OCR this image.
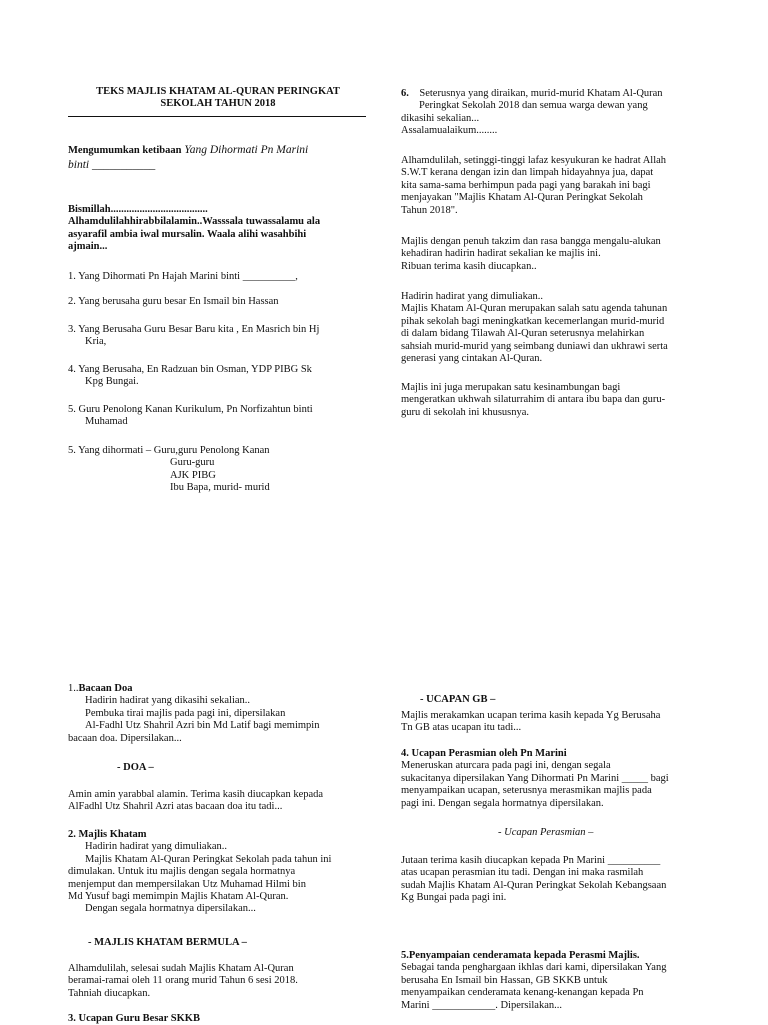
TEKS MAJLIS KHATAM AL-QURAN PERINGKAT
SEKOLAH TAHUN 2018
Mengumumkan ketibaan Yang Dihormati Pn Marini
binti ___________
Bismillah.....................................
Alhamdulilahhirabbilalamin..Wasssala tuwassalamu ala
asyarafil ambia iwal mursalin. Waala alihi wasahbihi
ajmain...
1. Yang Dihormati Pn Hajah Marini binti __________,
2. Yang berusaha guru besar En Ismail bin Hassan
3. Yang Berusaha Guru Besar Baru kita , En Masrich bin Hj
Kria,
4. Yang Berusaha, En Radzuan bin Osman, YDP PIBG Sk
Kpg Bungai.
5. Guru Penolong Kanan Kurikulum, Pn Norfizahtun binti
Muhamad
5. Yang dihormati – Guru,guru Penolong Kanan
Guru-guru
AJK PIBG
Ibu Bapa, murid- murid
6. Seterusnya yang diraikan, murid-murid Khatam Al-Quran
Peringkat Sekolah 2018 dan semua warga dewan yang
dikasihi sekalian...
Assalamualaikum........
Alhamdulilah, setinggi-tinggi lafaz kesyukuran ke hadrat Allah
S.W.T kerana dengan izin dan limpah hidayahnya jua, dapat
kita sama-sama berhimpun pada pagi yang barakah ini bagi
menjayakan "Majlis Khatam Al-Quran Peringkat Sekolah
Tahun 2018".
Majlis dengan penuh takzim dan rasa bangga mengalu-alukan
kehadiran hadirin hadirat sekalian ke majlis ini.
Ribuan terima kasih diucapkan..
Hadirin hadirat yang dimuliakan..
Majlis Khatam Al-Quran merupakan salah satu agenda tahunan
pihak sekolah bagi meningkatkan kecemerlangan murid-murid
di dalam bidang Tilawah Al-Quran seterusnya melahirkan
sahsiah murid-murid yang seimbang duniawi dan ukhrawi serta
generasi yang cintakan Al-Quran.
Majlis ini juga merupakan satu kesinambungan bagi
mengeratkan ukhwah silaturrahim di antara ibu bapa dan guru-
guru di sekolah ini khususnya.
1..Bacaan Doa
Hadirin hadirat yang dikasihi sekalian..
Pembuka tirai majlis pada pagi ini, dipersilakan
Al-Fadhl Utz Shahril Azri bin Md Latif bagi memimpin
bacaan doa. Dipersilakan...
- DOA –
Amin amin yarabbal alamin. Terima kasih diucapkan kepada
AlFadhl Utz Shahril Azri atas bacaan doa itu tadi...
2. Majlis Khatam
Hadirin hadirat yang dimuliakan..
Majlis Khatam Al-Quran Peringkat Sekolah pada tahun ini
dimulakan. Untuk itu majlis dengan segala hormatnya
menjemput dan mempersilakan Utz Muhamad Hilmi bin
Md Yusuf bagi memimpin Majlis Khatam Al-Quran.
Dengan segala hormatnya dipersilakan...
- MAJLIS KHATAM BERMULA –
Alhamdulilah, selesai sudah Majlis Khatam Al-Quran
beramai-ramai oleh 11 orang murid Tahun 6 sesi 2018.
Tahniah diucapkan.
3. Ucapan Guru Besar SKKB
- UCAPAN GB –
Majlis merakamkan ucapan terima kasih kepada Yg Berusaha
Tn GB atas ucapan itu tadi...
4. Ucapan Perasmian oleh Pn Marini
Meneruskan aturcara pada pagi ini, dengan segala
sukacitanya dipersilakan Yang Dihormati Pn Marini _____ bagi
menyampaikan ucapan, seterusnya merasmikan majlis pada
pagi ini. Dengan segala hormatnya dipersilakan.
- Ucapan Perasmian –
Jutaan terima kasih diucapkan kepada Pn Marini __________
atas ucapan perasmian itu tadi. Dengan ini maka rasmilah
sudah Majlis Khatam Al-Quran Peringkat Sekolah Kebangsaan
Kg Bungai pada pagi ini.
5.Penyampaian cenderamata kepada Perasmi Majlis.
Sebagai tanda penghargaan ikhlas dari kami, dipersilakan Yang
berusaha En Ismail bin Hassan, GB SKKB untuk
menyampaikan cenderamata kenang-kenangan kepada Pn
Marini ____________. Dipersilakan...
